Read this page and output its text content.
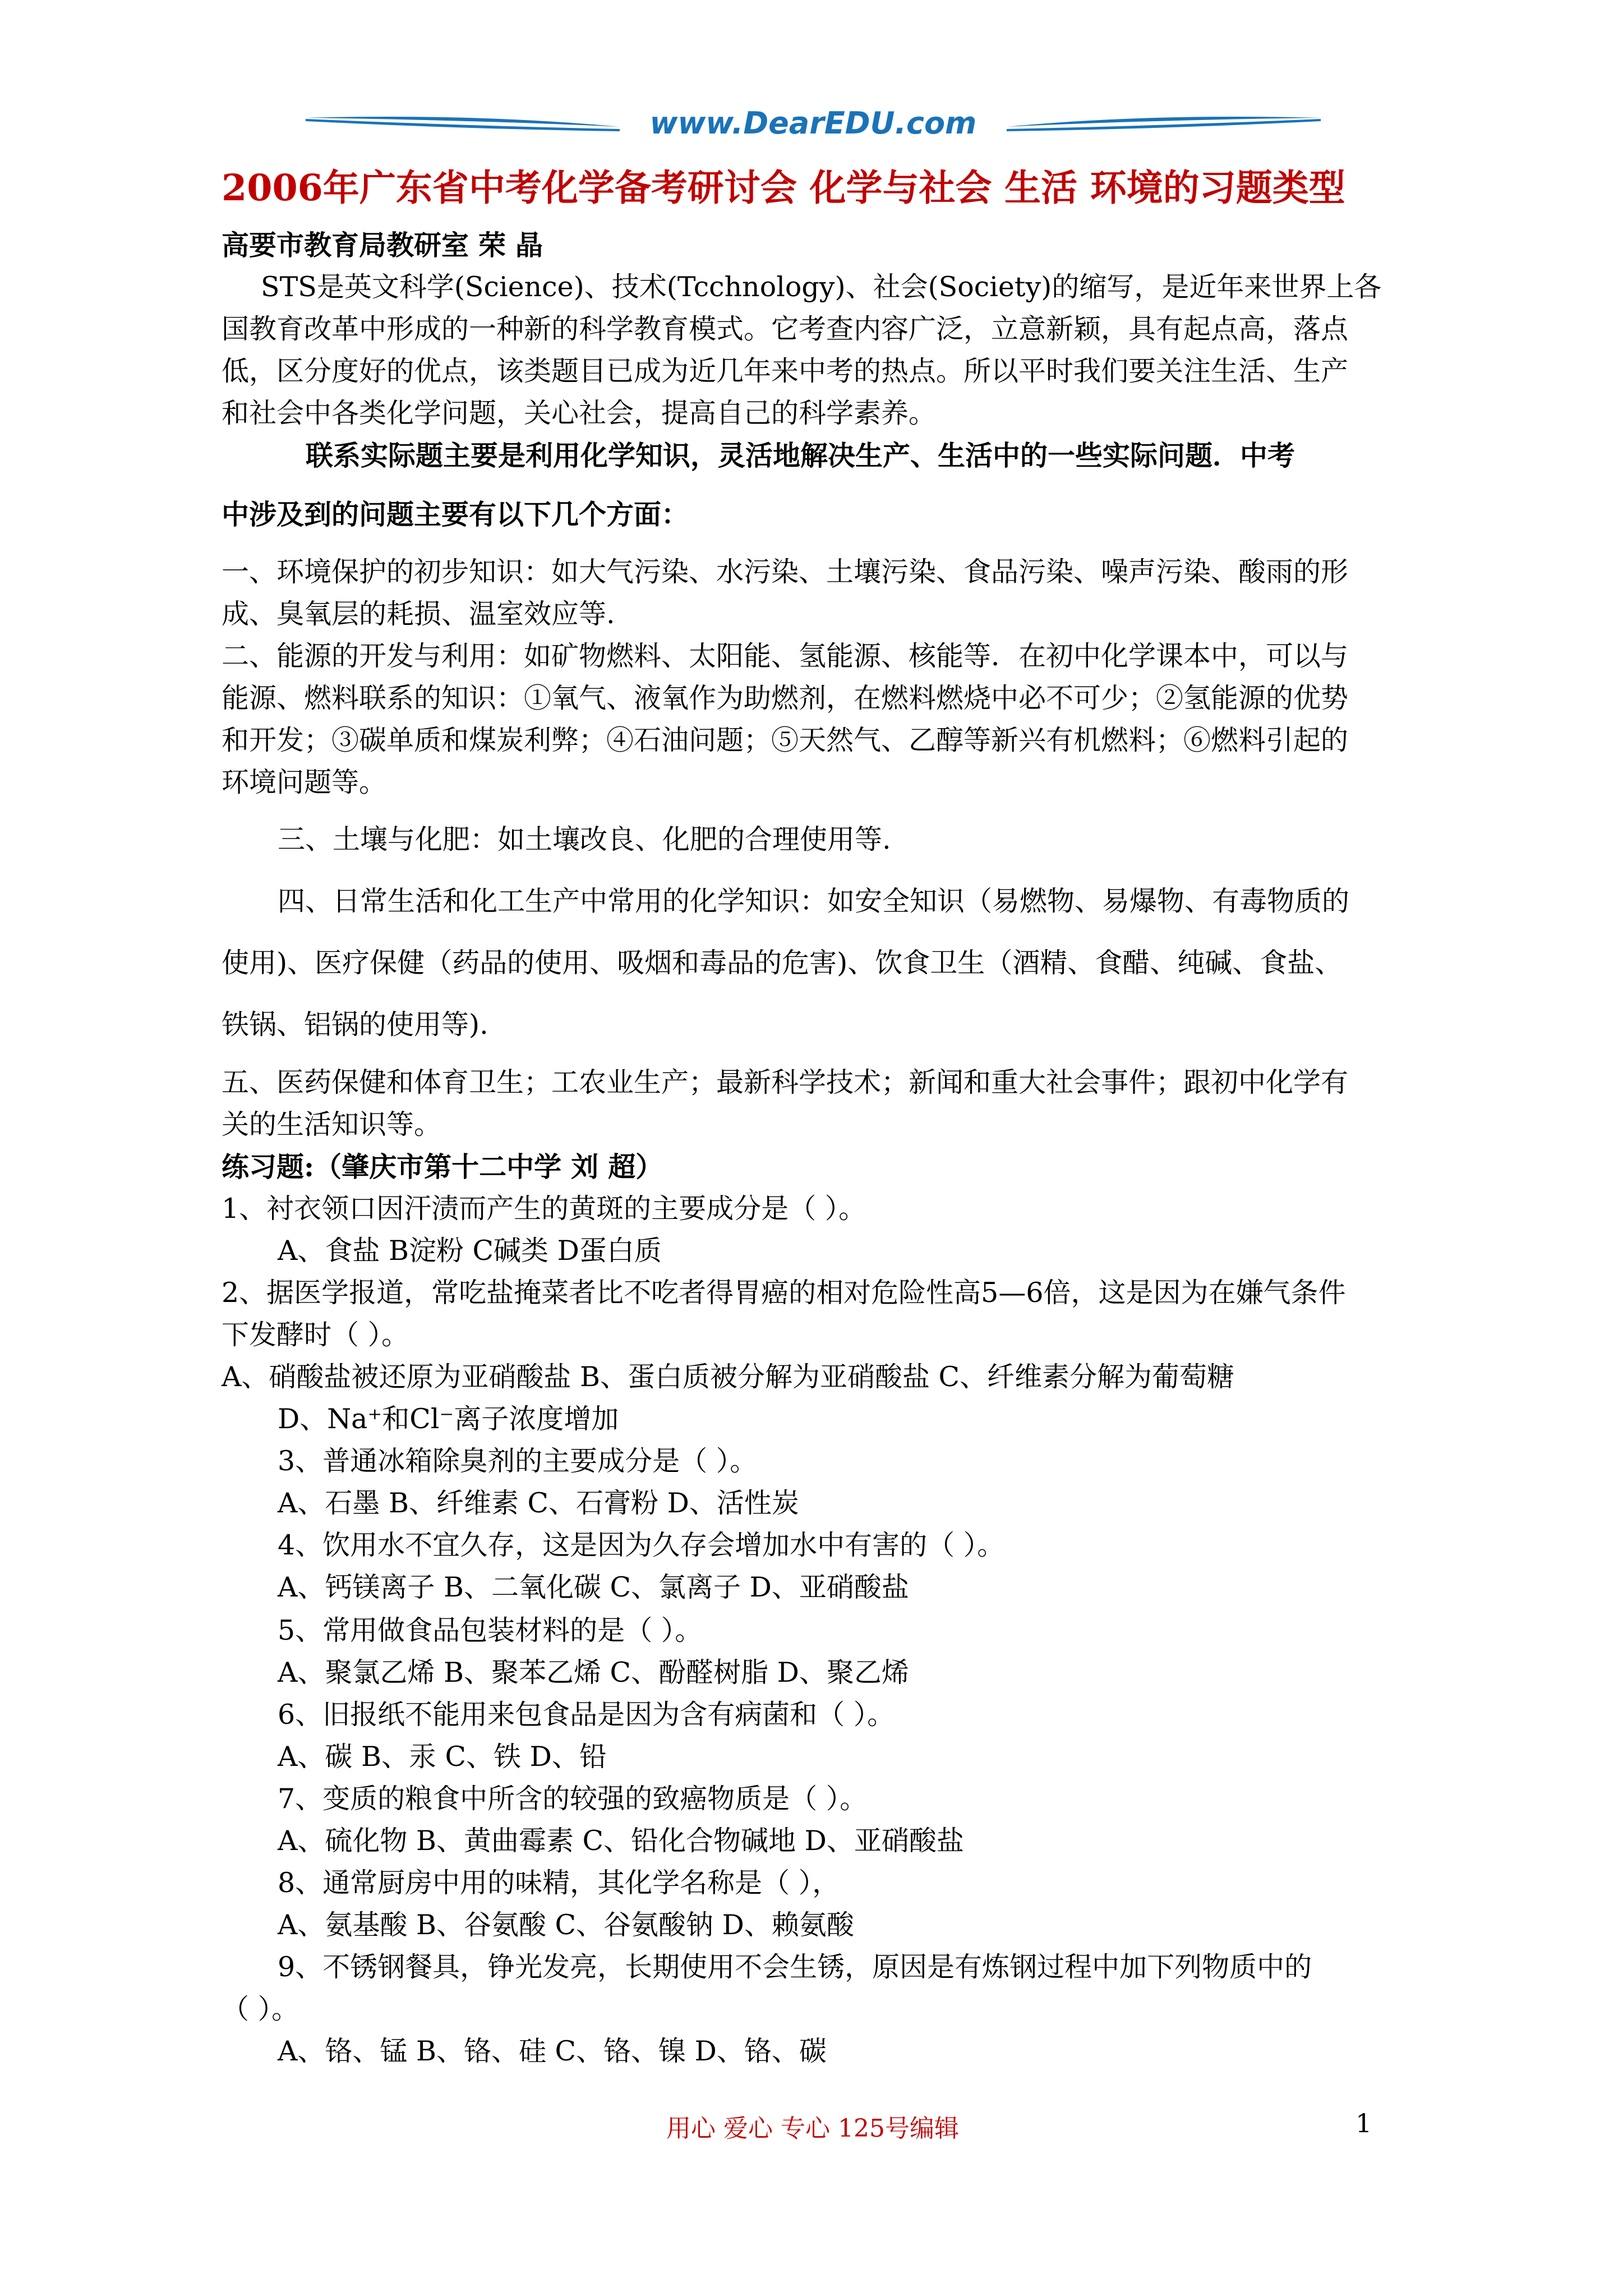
www.DearEDU.com
2006年广东省中考化学备考研讨会 化学与社会 生活 环境的习题类型
高要市教育局教研室 荣 晶
STS是英文科学(Science)、技术(Tcchnology)、社会(Society)的缩写，是近年来世界上各
国教育改革中形成的一种新的科学教育模式。它考查内容广泛，立意新颖，具有起点高，落点
低，区分度好的优点，该类题目已成为近几年来中考的热点。所以平时我们要关注生活、生产
和社会中各类化学问题，关心社会，提高自己的科学素养。
联系实际题主要是利用化学知识，灵活地解决生产、生活中的一些实际问题．中考
中涉及到的问题主要有以下几个方面：
一、环境保护的初步知识：如大气污染、水污染、土壤污染、食品污染、噪声污染、酸雨的形
成、臭氧层的耗损、温室效应等.
二、能源的开发与利用：如矿物燃料、太阳能、氢能源、核能等．在初中化学课本中，可以与
能源、燃料联系的知识：①氧气、液氧作为助燃剂，在燃料燃烧中必不可少；②氢能源的优势
和开发；③碳单质和煤炭利弊；④石油问题；⑤天然气、乙醇等新兴有机燃料；⑥燃料引起的
环境问题等。
三、土壤与化肥：如土壤改良、化肥的合理使用等.
四、日常生活和化工生产中常用的化学知识：如安全知识（易燃物、易爆物、有毒物质的
使用)、医疗保健（药品的使用、吸烟和毒品的危害)、饮食卫生（酒精、食醋、纯碱、食盐、
铁锅、铝锅的使用等).
五、医药保健和体育卫生；工农业生产；最新科学技术；新闻和重大社会事件；跟初中化学有
关的生活知识等。
练习题:（肇庆市第十二中学 刘 超）
1、衬衣领口因汗渍而产生的黄斑的主要成分是（ ）。
A、食盐 B淀粉 C碱类 D蛋白质
2、据医学报道，常吃盐掩菜者比不吃者得胃癌的相对危险性高5—6倍，这是因为在嫌气条件
下发酵时（ ）。
A、硝酸盐被还原为亚硝酸盐 B、蛋白质被分解为亚硝酸盐 C、纤维素分解为葡萄糖
D、Na⁺和Cl⁻离子浓度增加
3、普通冰箱除臭剂的主要成分是（ ）。
A、石墨 B、纤维素 C、石膏粉 D、活性炭
4、饮用水不宜久存，这是因为久存会增加水中有害的（ ）。
A、钙镁离子 B、二氧化碳 C、氯离子 D、亚硝酸盐
5、常用做食品包装材料的是（ ）。
A、聚氯乙烯 B、聚苯乙烯 C、酚醛树脂 D、聚乙烯
6、旧报纸不能用来包食品是因为含有病菌和（ ）。
A、碳 B、汞 C、铁 D、铅
7、变质的粮食中所含的较强的致癌物质是（ ）。
A、硫化物 B、黄曲霉素 C、铅化合物碱地 D、亚硝酸盐
8、通常厨房中用的味精，其化学名称是（ ），
A、氨基酸 B、谷氨酸 C、谷氨酸钠 D、赖氨酸
9、不锈钢餐具，铮光发亮，长期使用不会生锈，原因是有炼钢过程中加下列物质中的
（ ）。
A、铬、锰 B、铬、硅 C、铬、镍 D、铬、碳
用心 爱心 专心 125号编辑	1
